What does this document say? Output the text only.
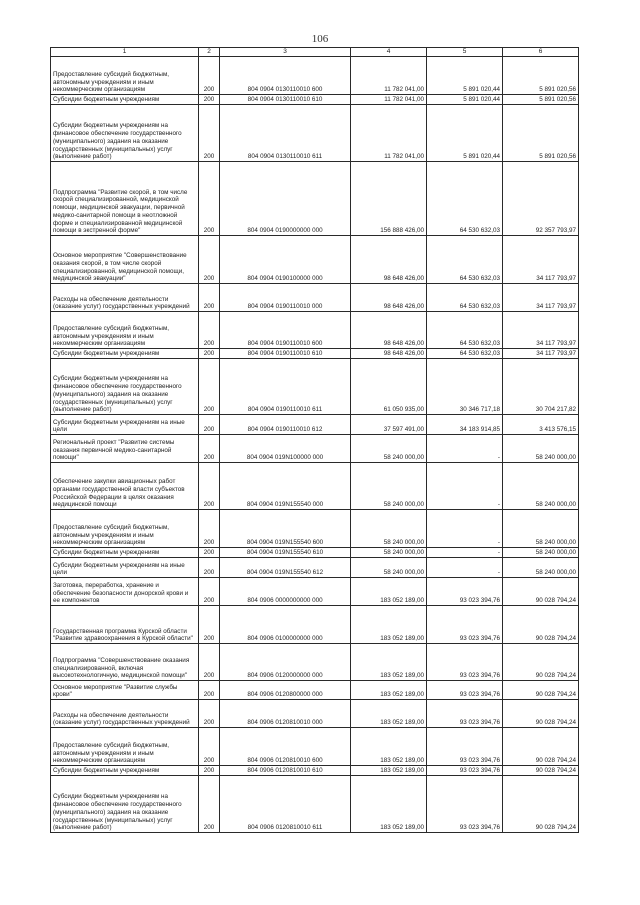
106
1	2	3	4	5	6
Предоставление субсидий бюджетным, автономным учреждениям и иным некоммерческим организациям	200	804 0904 0130110010 600	11 782 041,00	5 891 020,44	5 891 020,56
Субсидии бюджетным учреждениям	200	804 0904 0130110010 610	11 782 041,00	5 891 020,44	5 891 020,56
Субсидии бюджетным учреждениям на финансовое обеспечение государственного (муниципального) задания на оказание государственных (муниципальных) услуг (выполнение работ)	200	804 0904 0130110010 611	11 782 041,00	5 891 020,44	5 891 020,56
Подпрограмма "Развитие скорой, в том числе скорой специализированной, медицинской помощи, медицинской эвакуации, первичной медико-санитарной помощи в неотложной форме и специализированной медицинской помощи в экстренной форме"	200	804 0904 0190000000 000	156 888 426,00	64 530 632,03	92 357 793,97
Основное мероприятие "Совершенствование оказания скорой, в том числе скорой специализированной, медицинской помощи, медицинской эвакуации"	200	804 0904 0190100000 000	98 648 426,00	64 530 632,03	34 117 793,97
Расходы на обеспечение деятельности (оказание услуг) государственных учреждений	200	804 0904 0190110010 000	98 648 426,00	64 530 632,03	34 117 793,97
Предоставление субсидий бюджетным, автономным учреждениям и иным некоммерческим организациям	200	804 0904 0190110010 600	98 648 426,00	64 530 632,03	34 117 793,97
Субсидии бюджетным учреждениям	200	804 0904 0190110010 610	98 648 426,00	64 530 632,03	34 117 793,97
Субсидии бюджетным учреждениям на финансовое обеспечение государственного (муниципального) задания на оказание государственных (муниципальных) услуг (выполнение работ)	200	804 0904 0190110010 611	61 050 935,00	30 346 717,18	30 704 217,82
Субсидии бюджетным учреждениям на иные цели	200	804 0904 0190110010 612	37 597 491,00	34 183 914,85	3 413 576,15
Региональный проект "Развитие системы оказания первичной медико-санитарной помощи"	200	804 0904 019N100000 000	58 240 000,00	-	58 240 000,00
Обеспечение закупки авиационных работ органами государственной власти субъектов Российской Федерации в целях оказания медицинской помощи	200	804 0904 019N155540 000	58 240 000,00	-	58 240 000,00
Предоставление субсидий бюджетным, автономным учреждениям и иным некоммерческим организациям	200	804 0904 019N155540 600	58 240 000,00	-	58 240 000,00
Субсидии бюджетным учреждениям	200	804 0904 019N155540 610	58 240 000,00	-	58 240 000,00
Субсидии бюджетным учреждениям на иные цели	200	804 0904 019N155540 612	58 240 000,00	-	58 240 000,00
Заготовка, переработка, хранение и обеспечение безопасности донорской крови и ее компонентов	200	804 0906 0000000000 000	183 052 189,00	93 023 394,76	90 028 794,24
Государственная программа Курской области "Развитие здравоохранения в Курской области"	200	804 0906 0100000000 000	183 052 189,00	93 023 394,76	90 028 794,24
Подпрограмма "Совершенствование оказания специализированной, включая высокотехнологичную, медицинской помощи"	200	804 0906 0120000000 000	183 052 189,00	93 023 394,76	90 028 794,24
Основное мероприятие "Развитие службы крови"	200	804 0906 0120800000 000	183 052 189,00	93 023 394,76	90 028 794,24
Расходы на обеспечение деятельности (оказание услуг) государственных учреждений	200	804 0906 0120810010 000	183 052 189,00	93 023 394,76	90 028 794,24
Предоставление субсидий бюджетным, автономным учреждениям и иным некоммерческим организациям	200	804 0906 0120810010 600	183 052 189,00	93 023 394,76	90 028 794,24
Субсидии бюджетным учреждениям	200	804 0906 0120810010 610	183 052 189,00	93 023 394,76	90 028 794,24
Субсидии бюджетным учреждениям на финансовое обеспечение государственного (муниципального) задания на оказание государственных (муниципальных) услуг (выполнение работ)	200	804 0906 0120810010 611	183 052 189,00	93 023 394,76	90 028 794,24
